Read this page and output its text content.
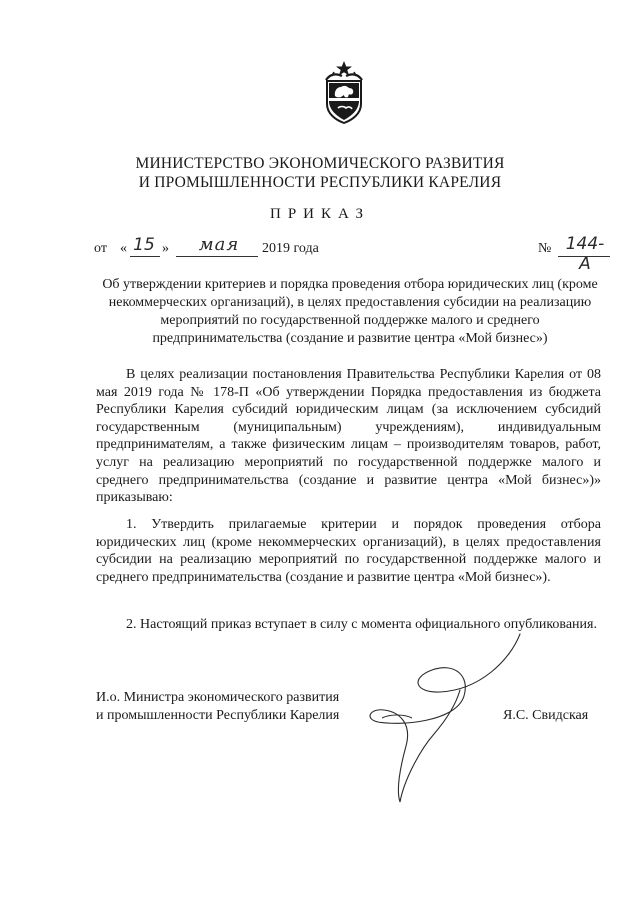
МИНИСТЕРСТВО ЭКОНОМИЧЕСКОГО РАЗВИТИЯ
И ПРОМЫШЛЕННОСТИ РЕСПУБЛИКИ КАРЕЛИЯ
ПРИКАЗ
от « 15 »	мая	2019 года	№ 144-А
Об утверждении критериев и порядка проведения отбора юридических лиц (кроме некоммерческих организаций), в целях предоставления субсидии на реализацию мероприятий по государственной поддержке малого и среднего предпринимательства (создание и развитие центра «Мой бизнес»)
В целях реализации постановления Правительства Республики Карелия от 08 мая 2019 года № 178-П «Об утверждении Порядка предоставления из бюджета Республики Карелия субсидий юридическим лицам (за исключением субсидий государственным (муниципальным) учреждениям), индивидуальным предпринимателям, а также физическим лицам – производителям товаров, работ, услуг на реализацию мероприятий по государственной поддержке малого и среднего предпринимательства (создание и развитие центра «Мой бизнес»)» приказываю:
1. Утвердить прилагаемые критерии и порядок проведения отбора юридических лиц (кроме некоммерческих организаций), в целях предоставления субсидии на реализацию мероприятий по государственной поддержке малого и среднего предпринимательства (создание и развитие центра «Мой бизнес»).
2. Настоящий приказ вступает в силу с момента официального опубликования.
И.о. Министра экономического развития
и промышленности Республики Карелия	Я.С. Свидская
